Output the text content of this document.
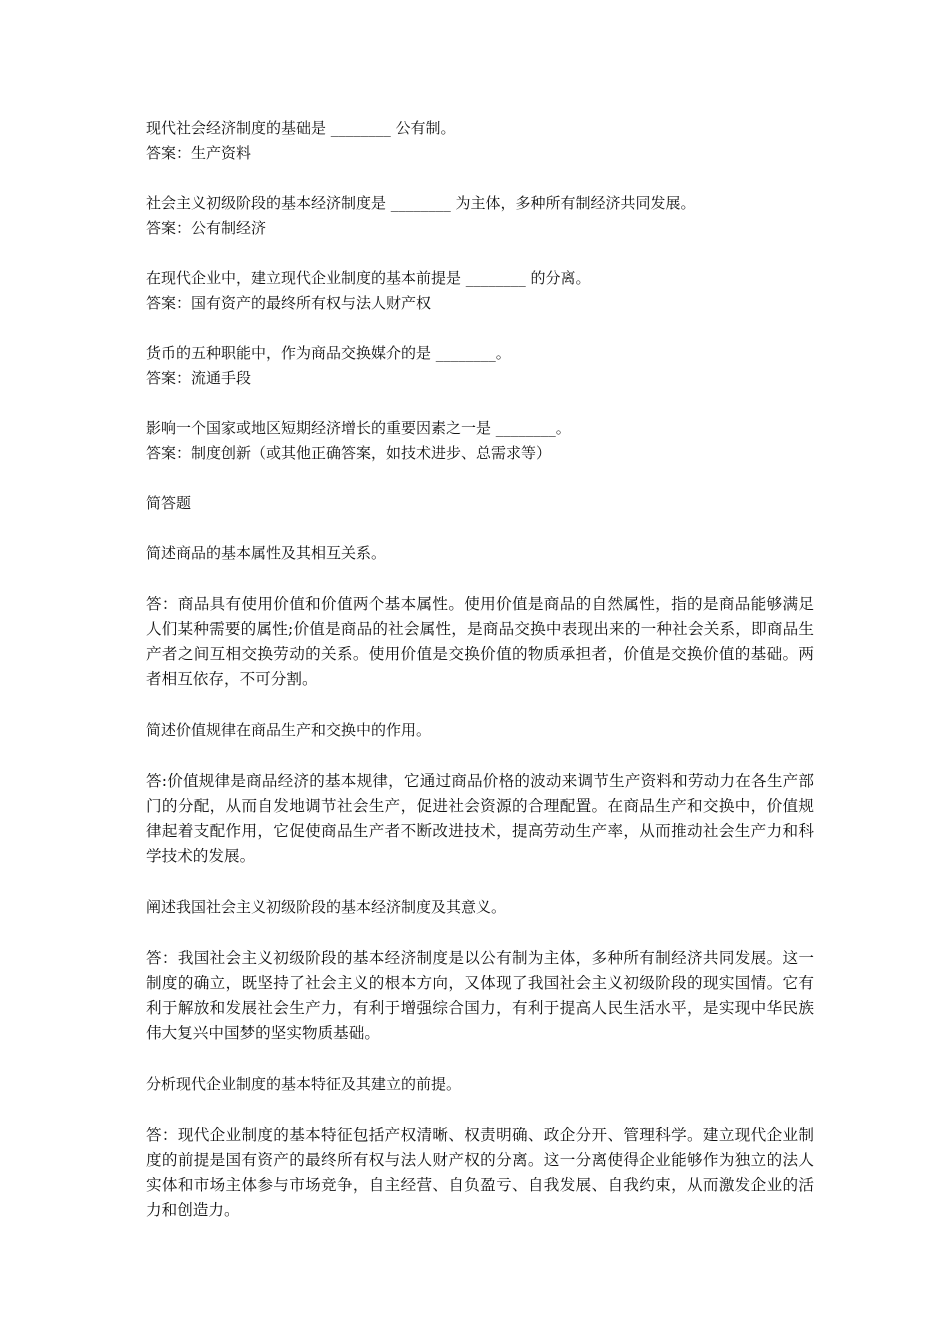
现代社会经济制度的基础是 ________ 公有制。
答案：生产资料
社会主义初级阶段的基本经济制度是 ________ 为主体，多种所有制经济共同发展。
答案：公有制经济
在现代企业中，建立现代企业制度的基本前提是 ________ 的分离。
答案：国有资产的最终所有权与法人财产权
货币的五种职能中，作为商品交换媒介的是 ________。
答案：流通手段
影响一个国家或地区短期经济增长的重要因素之一是 ________。
答案：制度创新（或其他正确答案，如技术进步、总需求等）
简答题
简述商品的基本属性及其相互关系。
答：商品具有使用价值和价值两个基本属性。使用价值是商品的自然属性，指的是商品能够满足人们某种需要的属性;价值是商品的社会属性，是商品交换中表现出来的一种社会关系，即商品生产者之间互相交换劳动的关系。使用价值是交换价值的物质承担者，价值是交换价值的基础。两者相互依存，不可分割。
简述价值规律在商品生产和交换中的作用。
答:价值规律是商品经济的基本规律，它通过商品价格的波动来调节生产资料和劳动力在各生产部门的分配，从而自发地调节社会生产，促进社会资源的合理配置。在商品生产和交换中，价值规律起着支配作用，它促使商品生产者不断改进技术，提高劳动生产率，从而推动社会生产力和科学技术的发展。
阐述我国社会主义初级阶段的基本经济制度及其意义。
答：我国社会主义初级阶段的基本经济制度是以公有制为主体，多种所有制经济共同发展。这一制度的确立，既坚持了社会主义的根本方向，又体现了我国社会主义初级阶段的现实国情。它有利于解放和发展社会生产力，有利于增强综合国力，有利于提高人民生活水平，是实现中华民族伟大复兴中国梦的坚实物质基础。
分析现代企业制度的基本特征及其建立的前提。
答：现代企业制度的基本特征包括产权清晰、权责明确、政企分开、管理科学。建立现代企业制度的前提是国有资产的最终所有权与法人财产权的分离。这一分离使得企业能够作为独立的法人实体和市场主体参与市场竞争，自主经营、自负盈亏、自我发展、自我约束，从而激发企业的活力和创造力。
